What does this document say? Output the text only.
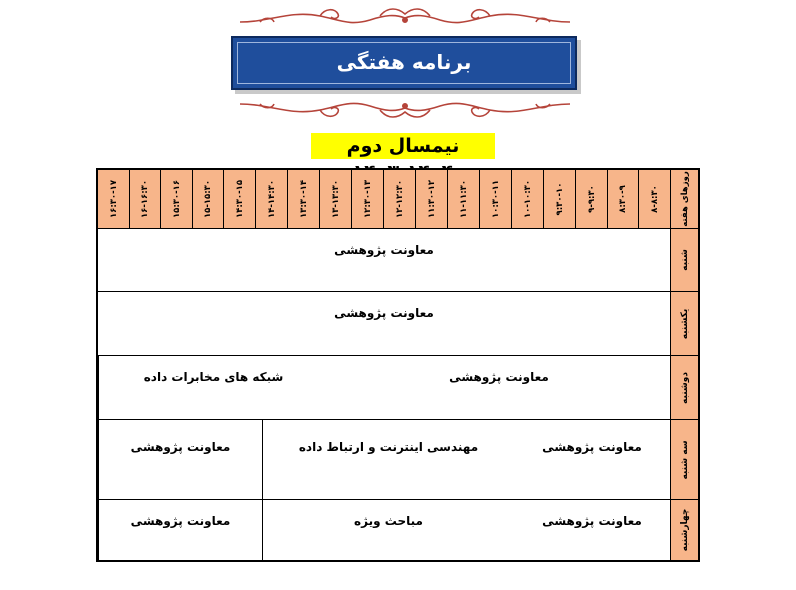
برنامه هفتگی
نیمسال دوم
۱۶:۳۰-۱۷	۱۶-۱۶:۳۰	۱۵:۳۰-۱۶	۱۵-۱۵:۳۰	۱۴:۳۰-۱۵	۱۴-۱۴:۳۰	۱۳:۳۰-۱۴	۱۳-۱۳:۳۰	۱۲:۳۰-۱۳	۱۲-۱۲:۳۰	۱۱:۳۰-۱۲	۱۱-۱۱:۳۰	۱۰:۳۰-۱۱	۱۰-۱۰:۳۰	۹:۳۰-۱۰	۹-۹:۳۰	۸:۳۰-۹	۸-۸:۳۰ روزهای هفته
معاونت پژوهشی	شنبه
معاونت پژوهشی	یکشنبه
شبکه های مخابرات داده	معاونت پژوهشی	دوشنبه
معاونت پژوهشی	مهندسی اینترنت و ارتباط داده	معاونت پژوهشی	سه شنبه
معاونت پژوهشی	مباحث ویژه	معاونت پژوهشی	چهارشنبه
